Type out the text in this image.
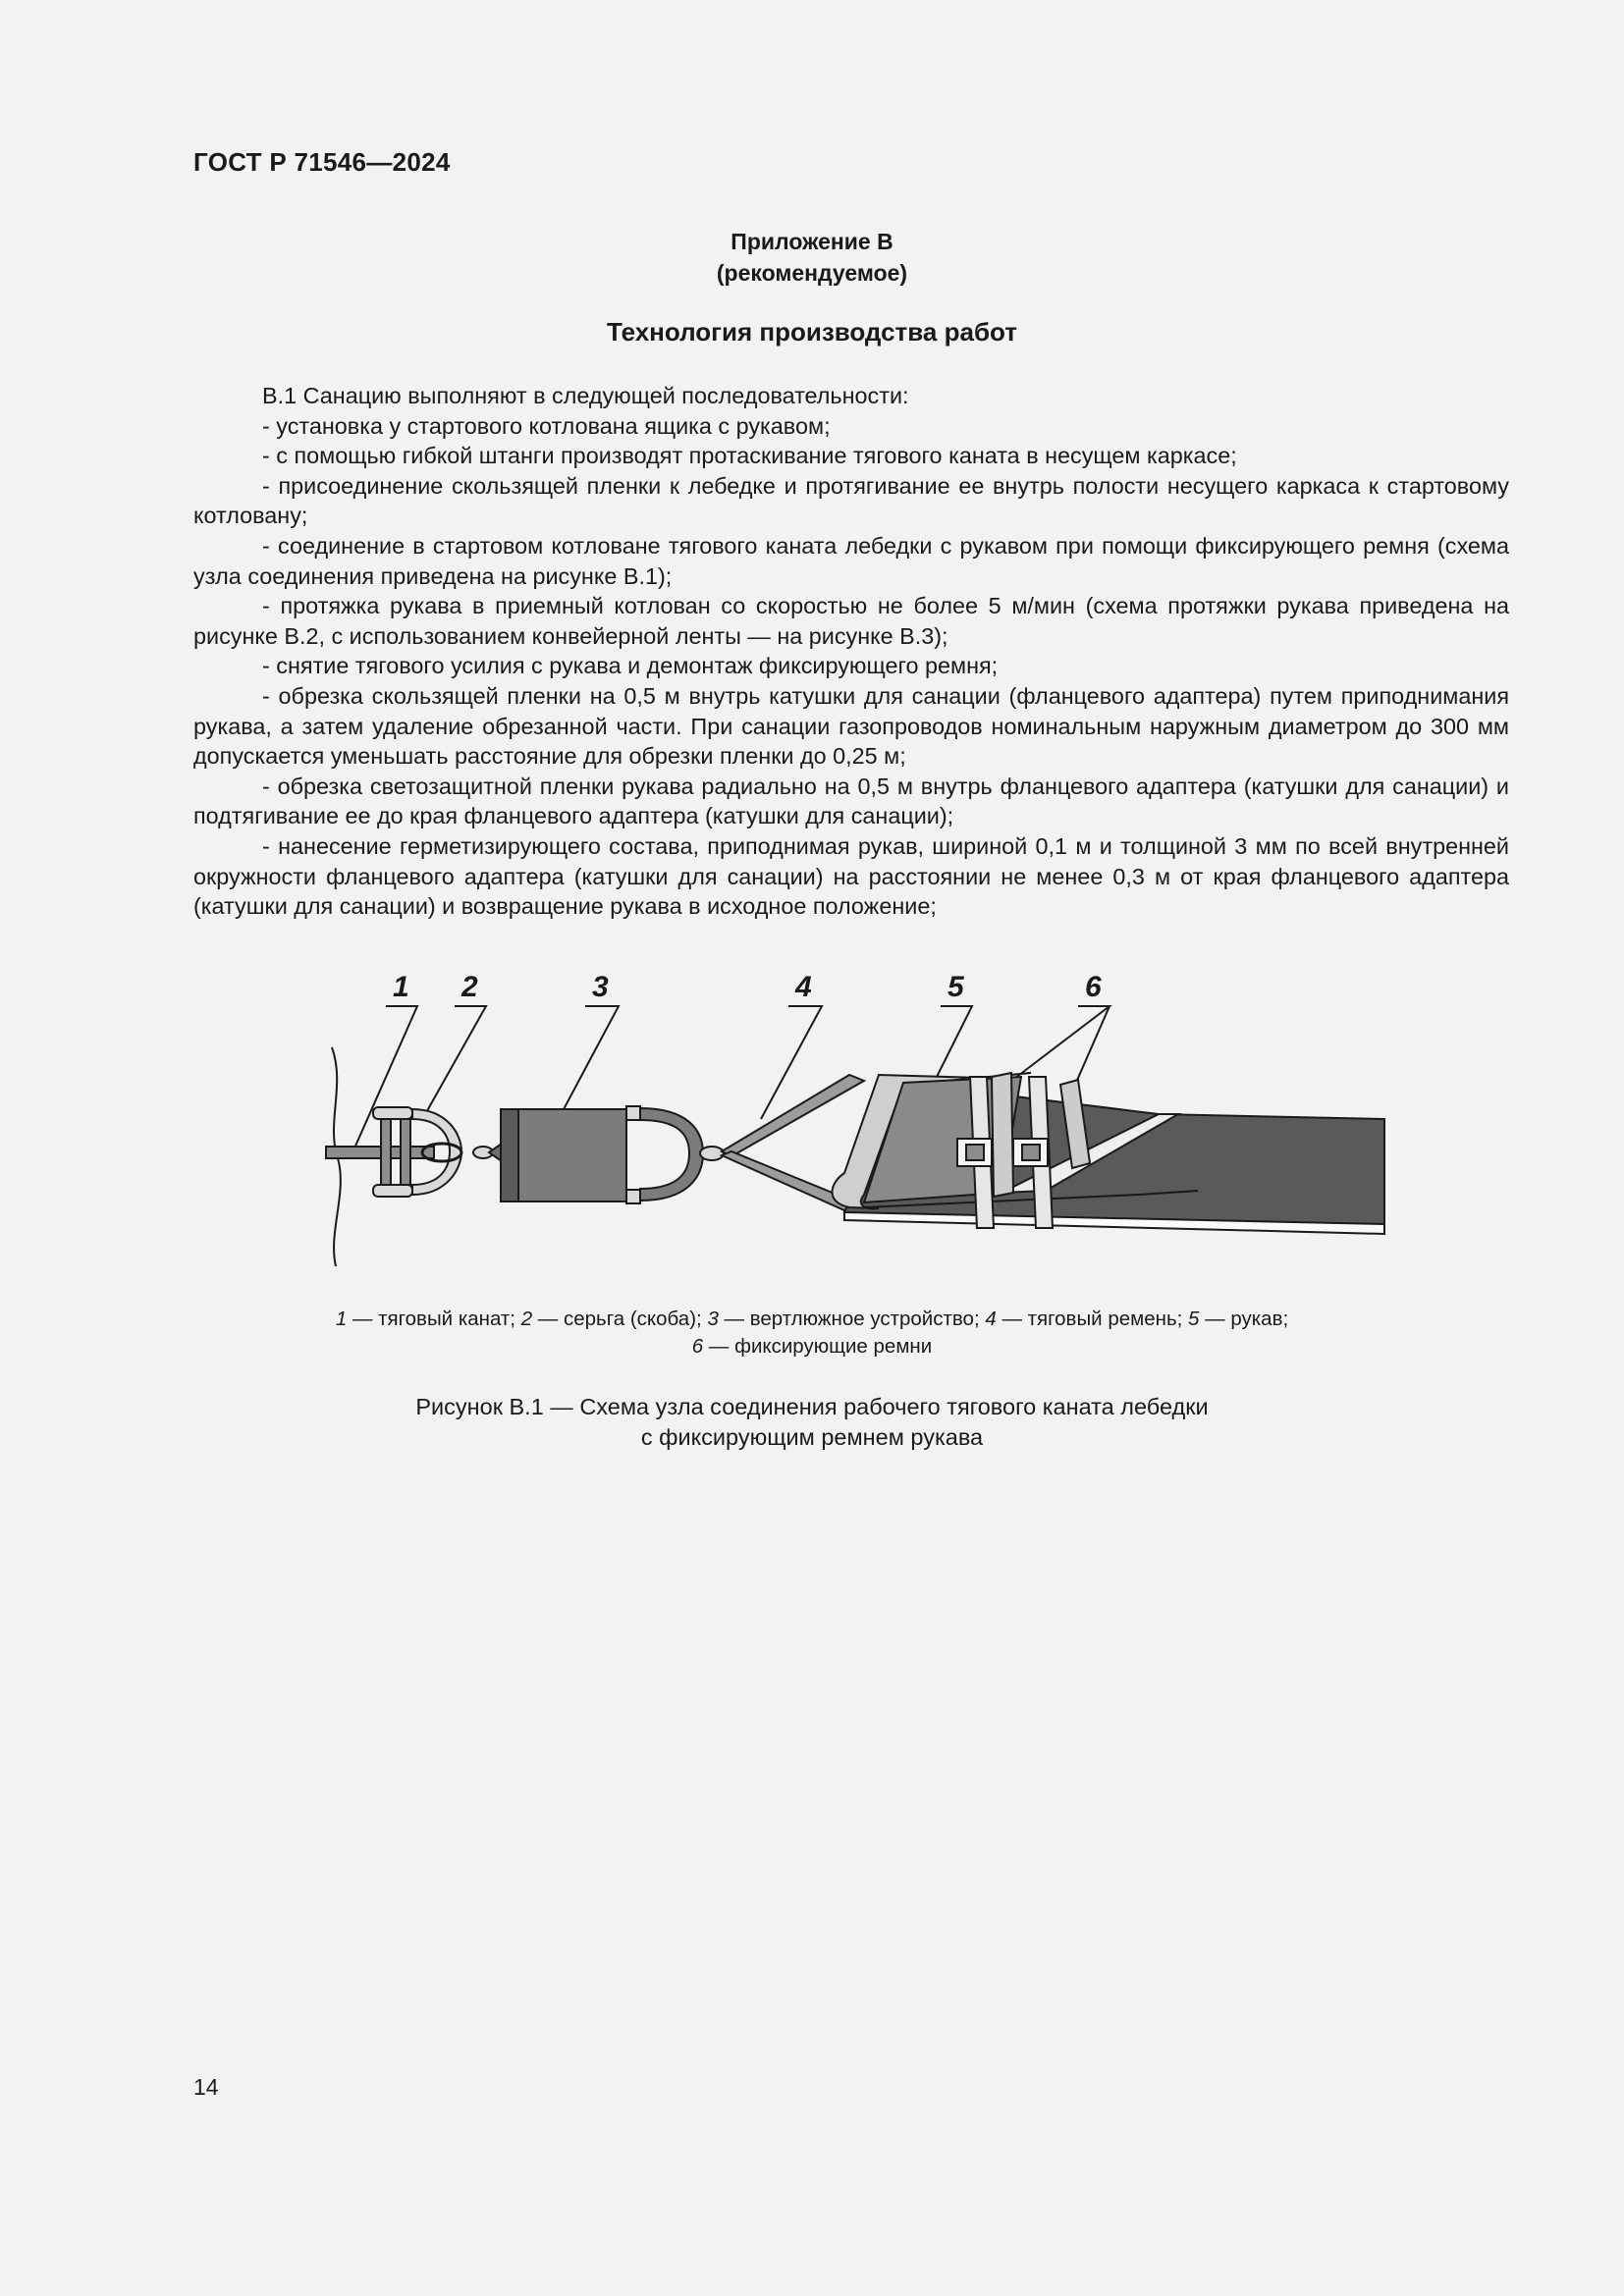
ГОСТ Р 71546—2024
Приложение В
(рекомендуемое)
Технология производства работ

В.1 Санацию выполняют в следующей последовательности:

- установка у стартового котлована ящика с рукавом;

- с помощью гибкой штанги производят протаскивание тягового каната в несущем каркасе;

- присоединение скользящей пленки к лебедке и протягивание ее внутрь полости несущего каркаса к стартовому котловану;

- соединение в стартовом котловане тягового каната лебедки с рукавом при помощи фиксирующего ремня (схема узла соединения приведена на рисунке В.1);

- протяжка рукава в приемный котлован со скоростью не более 5 м/мин (схема протяжки рукава приведена на рисунке В.2, с использованием конвейерной ленты — на рисунке В.3);

- снятие тягового усилия с рукава и демонтаж фиксирующего ремня;

- обрезка скользящей пленки на 0,5 м внутрь катушки для санации (фланцевого адаптера) путем приподнимания рукава, а затем удаление обрезанной части. При санации газопроводов номинальным наружным диаметром до 300 мм допускается уменьшать расстояние для обрезки пленки до 0,25 м;

- обрезка светозащитной пленки рукава радиально на 0,5 м внутрь фланцевого адаптера (катушки для санации) и подтягивание ее до края фланцевого адаптера (катушки для санации);

- нанесение герметизирующего состава, приподнимая рукав, шириной 0,1 м и толщиной 3 мм по всей внутренней окружности фланцевого адаптера (катушки для санации) на расстоянии не менее 0,3 м от края фланцевого адаптера (катушки для санации) и возвращение рукава в исходное положение;

1 2	3	4	5	6
1 — тяговый канат; 2 — серьга (скоба); 3 — вертлюжное устройство; 4 — тяговый ремень; 5 — рукав;
6 — фиксирующие ремни
Рисунок В.1 — Схема узла соединения рабочего тягового каната лебедки
с фиксирующим ремнем рукава
14
